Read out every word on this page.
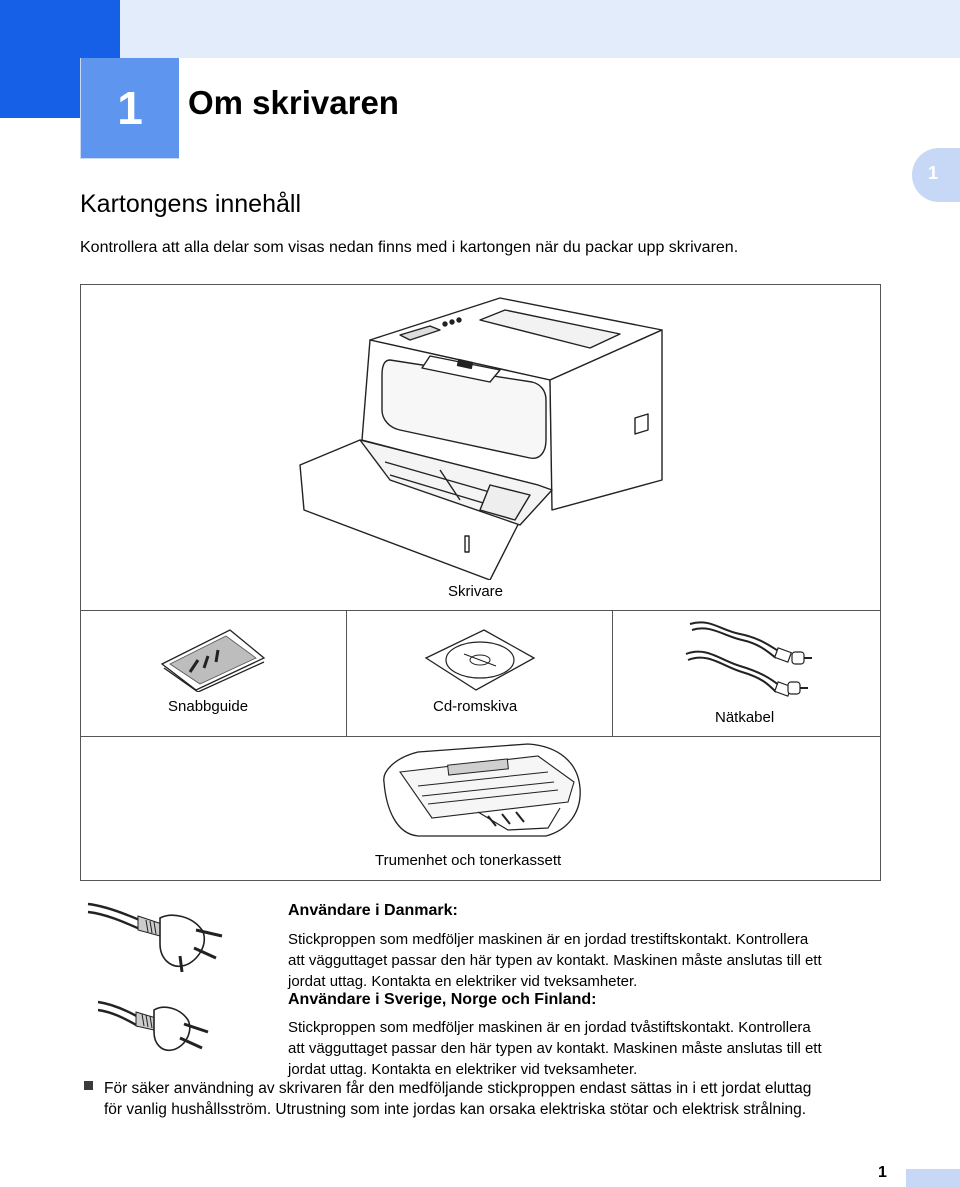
1 Om skrivaren
1
Kartongens innehåll
Kontrollera att alla delar som visas nedan finns med i kartongen när du packar upp skrivaren.
Skrivare
Snabbguide	Cd-romskiva
Nätkabel
Trumenhet och tonerkassett
Användare i Danmark:
Stickproppen som medföljer maskinen är en jordad trestiftskontakt. Kontrollera
att vägguttaget passar den här typen av kontakt. Maskinen måste anslutas till ett
jordat uttag. Kontakta en elektriker vid tveksamheter.
Användare i Sverige, Norge och Finland:
Stickproppen som medföljer maskinen är en jordad tvåstiftskontakt. Kontrollera
att vägguttaget passar den här typen av kontakt. Maskinen måste anslutas till ett
jordat uttag. Kontakta en elektriker vid tveksamheter.
För säker användning av skrivaren får den medföljande stickproppen endast sättas in i ett jordat eluttag
för vanlig hushållsström. Utrustning som inte jordas kan orsaka elektriska stötar och elektrisk strålning.
1
